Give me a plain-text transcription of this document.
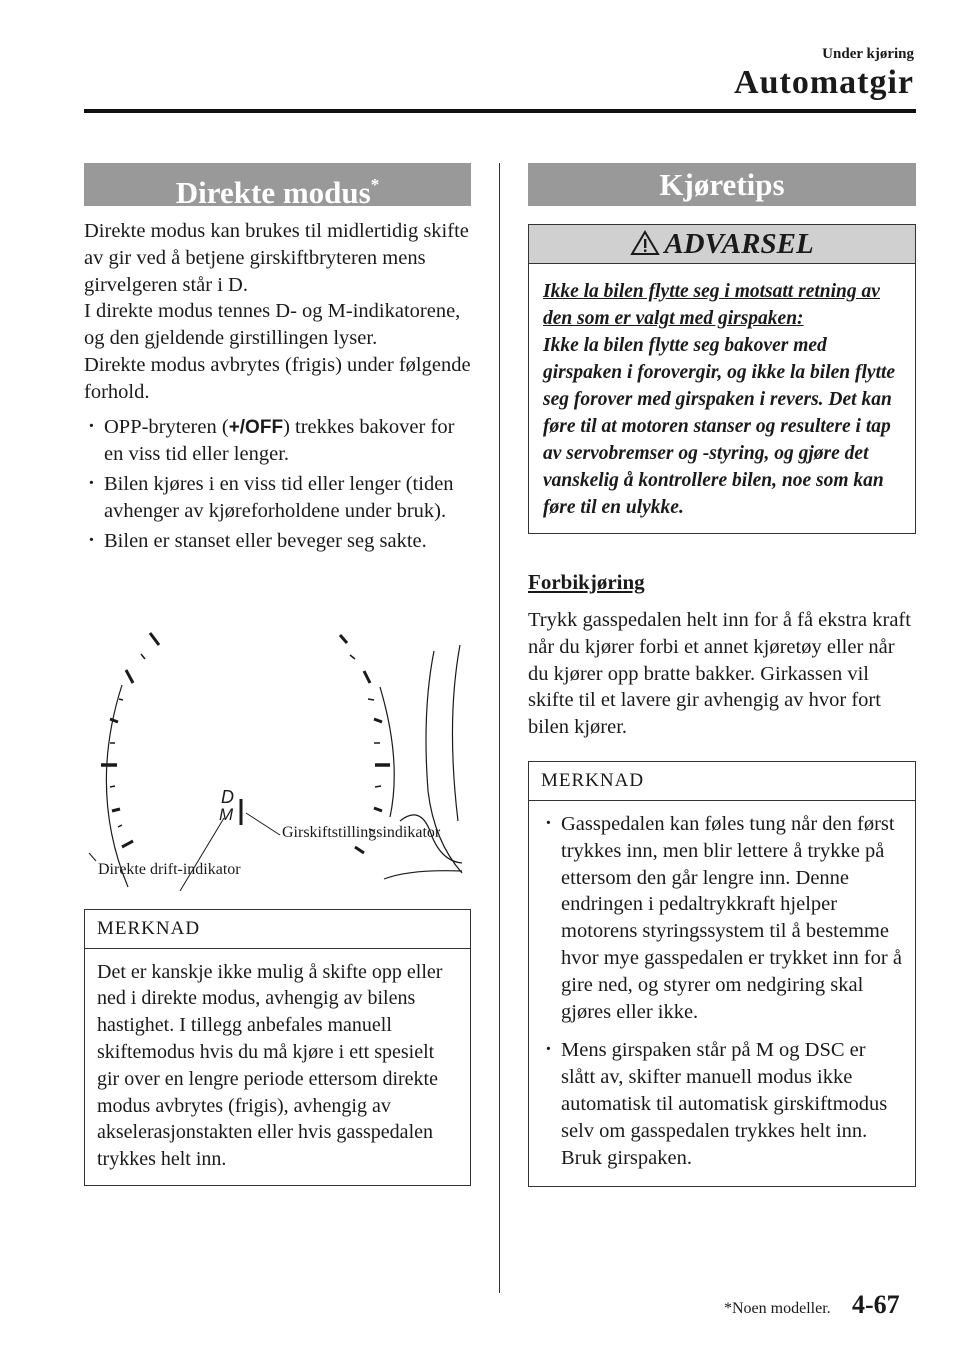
Under kjøring
Automatgir
Direkte modus*

Direkte modus kan brukes til midlertidig skifte av gir ved å betjene girskiftbryteren mens girvelgeren står i D.

I direkte modus tennes D- og M-indikatorene, og den gjeldende girstillingen lyser.

Direkte modus avbrytes (frigis) under følgende forhold.

· OPP-bryteren (+/OFF) trekkes bakover for en viss tid eller lenger.
· Bilen kjøres i en viss tid eller lenger (tiden avhenger av kjøreforholdene under bruk).
· Bilen er stanset eller beveger seg sakte.
D
M
Girskiftstillingsindikator
Direkte drift-indikator
MERKNAD

Det er kanskje ikke mulig å skifte opp eller ned i direkte modus, avhengig av bilens hastighet. I tillegg anbefales manuell skiftemodus hvis du må kjøre i ett spesielt gir over en lengre periode ettersom direkte modus avbrytes (frigis), avhengig av akselerasjonstakten eller hvis gasspedalen trykkes helt inn.

Kjøretips
ADVARSEL
Ikke la bilen flytte seg i motsatt retning av den som er valgt med girspaken:
Ikke la bilen flytte seg bakover med girspaken i forovergir, og ikke la bilen flytte seg forover med girspaken i revers. Det kan føre til at motoren stanser og resultere i tap av servobremser og -styring, og gjøre det vanskelig å kontrollere bilen, noe som kan føre til en ulykke.
Forbikjøring

Trykk gasspedalen helt inn for å få ekstra kraft når du kjører forbi et annet kjøretøy eller når du kjører opp bratte bakker. Girkassen vil skifte til et lavere gir avhengig av hvor fort bilen kjører.

MERKNAD
· Gasspedalen kan føles tung når den først trykkes inn, men blir lettere å trykke på ettersom den går lengre inn. Denne endringen i pedaltrykkraft hjelper motorens styringssystem til å bestemme hvor mye gasspedalen er trykket inn for å gire ned, og styrer om nedgiring skal gjøres eller ikke.
· Mens girspaken står på M og DSC er slått av, skifter manuell modus ikke automatisk til automatisk girskiftmodus selv om gasspedalen trykkes helt inn. Bruk girspaken.
*Noen modeller. 4-67
